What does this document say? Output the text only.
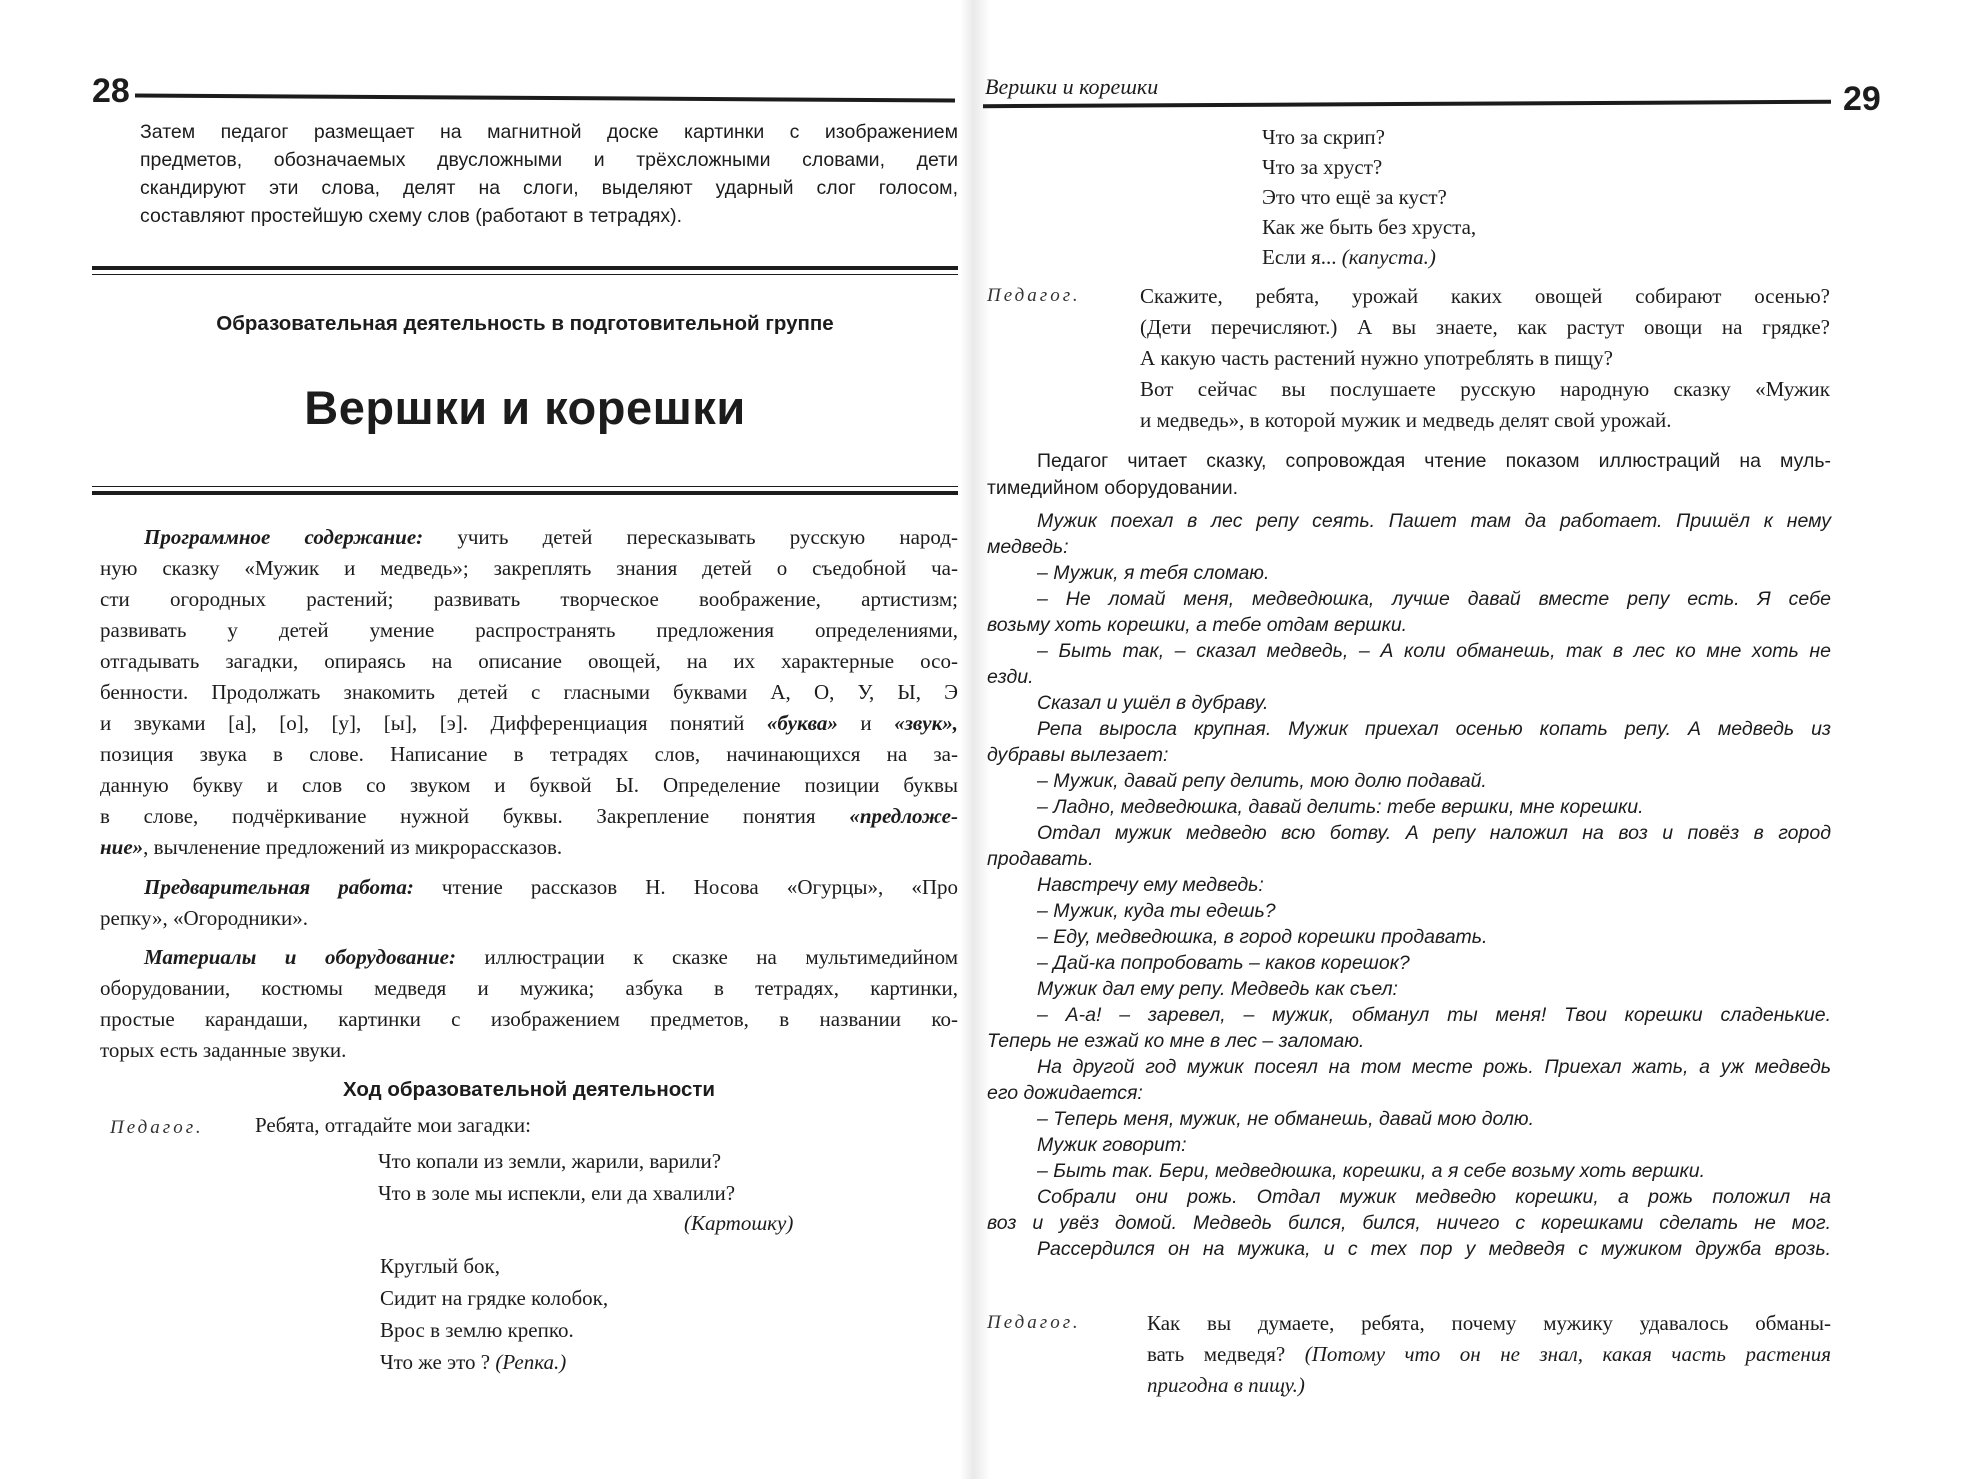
28
Затем педагог размещает на магнитной доске картинки с изображением
предметов, обозначаемых двусложными и трёхсложными словами, дети
скандируют эти слова, делят на слоги, выделяют ударный слог голосом,
составляют простейшую схему слов (работают в тетрадях).
Образовательная деятельность в подготовительной группе
Вершки и корешки
Программное содержание: учить детей пересказывать русскую народ-
ную сказку «Мужик и медведь»; закреплять знания детей о съедобной ча-
сти огородных растений; развивать творческое воображение, артистизм;
развивать у детей умение распространять предложения определениями,
отгадывать загадки, опираясь на описание овощей, на их характерные осо-
бенности. Продолжать знакомить детей с гласными буквами А, О, У, Ы, Э
и звуками [а], [о], [у], [ы], [э]. Дифференциация понятий «буква» и «звук»,
позиция звука в слове. Написание в тетрадях слов, начинающихся на за-
данную букву и слов со звуком и буквой Ы. Определение позиции буквы
в слове, подчёркивание нужной буквы. Закрепление понятия «предложе-
ние», вычленение предложений из микрорассказов.
Предварительная работа: чтение рассказов Н. Носова «Огурцы», «Про
репку», «Огородники».
Материалы и оборудование: иллюстрации к сказке на мультимедийном
оборудовании, костюмы медведя и мужика; азбука в тетрадях, картинки,
простые карандаши, картинки с изображением предметов, в названии ко-
торых есть заданные звуки.
Ход образовательной деятельности
Педагог. Ребята, отгадайте мои загадки:
Что копали из земли, жарили, варили?
Что в золе мы испекли, ели да хвалили?
(Картошку)
Круглый бок,
Сидит на грядке колобок,
Врос в землю крепко.
Что же это ? (Репка.)
Вершки и корешки	29
Что за скрип?
Что за хруст?
Это что ещё за куст?
Как же быть без хруста,
Если я... (капуста.)
Педагог.	Скажите, ребята, урожай каких овощей собирают осенью?
(Дети перечисляют.) А вы знаете, как растут овощи на грядке?
А какую часть растений нужно употреблять в пищу?
Вот сейчас вы послушаете русскую народную сказку «Мужик
и медведь», в которой мужик и медведь делят свой урожай.
Педагог читает сказку, сопровождая чтение показом иллюстраций на муль-
тимедийном оборудовании.
Мужик поехал в лес репу сеять. Пашет там да работает. Пришёл к нему
медведь:
– Мужик, я тебя сломаю.
– Не ломай меня, медведюшка, лучше давай вместе репу есть. Я себе
возьму хоть корешки, а тебе отдам вершки.
– Быть так, – сказал медведь, – А коли обманешь, так в лес ко мне хоть не
езди.
Сказал и ушёл в дубраву.
Репа выросла крупная. Мужик приехал осенью копать репу. А медведь из
дубравы вылезает:
– Мужик, давай репу делить, мою долю подавай.
– Ладно, медведюшка, давай делить: тебе вершки, мне корешки.
Отдал мужик медведю всю ботву. А репу наложил на воз и повёз в город
продавать.
Навстречу ему медведь:
– Мужик, куда ты едешь?
– Еду, медведюшка, в город корешки продавать.
– Дай-ка попробовать – каков корешок?
Мужик дал ему репу. Медведь как съел:
– А-а! – заревел, – мужик, обманул ты меня! Твои корешки сладенькие.
Теперь не езжай ко мне в лес – заломаю.
На другой год мужик посеял на том месте рожь. Приехал жать, а уж медведь
его дожидается:
– Теперь меня, мужик, не обманешь, давай мою долю.
Мужик говорит:
– Быть так. Бери, медведюшка, корешки, а я себе возьму хоть вершки.
Собрали они рожь. Отдал мужик медведю корешки, а рожь положил на
воз и увёз домой. Медведь бился, бился, ничего с корешками сделать не мог.
Рассердился он на мужика, и с тех пор у медведя с мужиком дружба врозь.
Педагог.	Как вы думаете, ребята, почему мужику удавалось обманы-
вать медведя? (Потому что он не знал, какая часть растения
пригодна в пищу.)
